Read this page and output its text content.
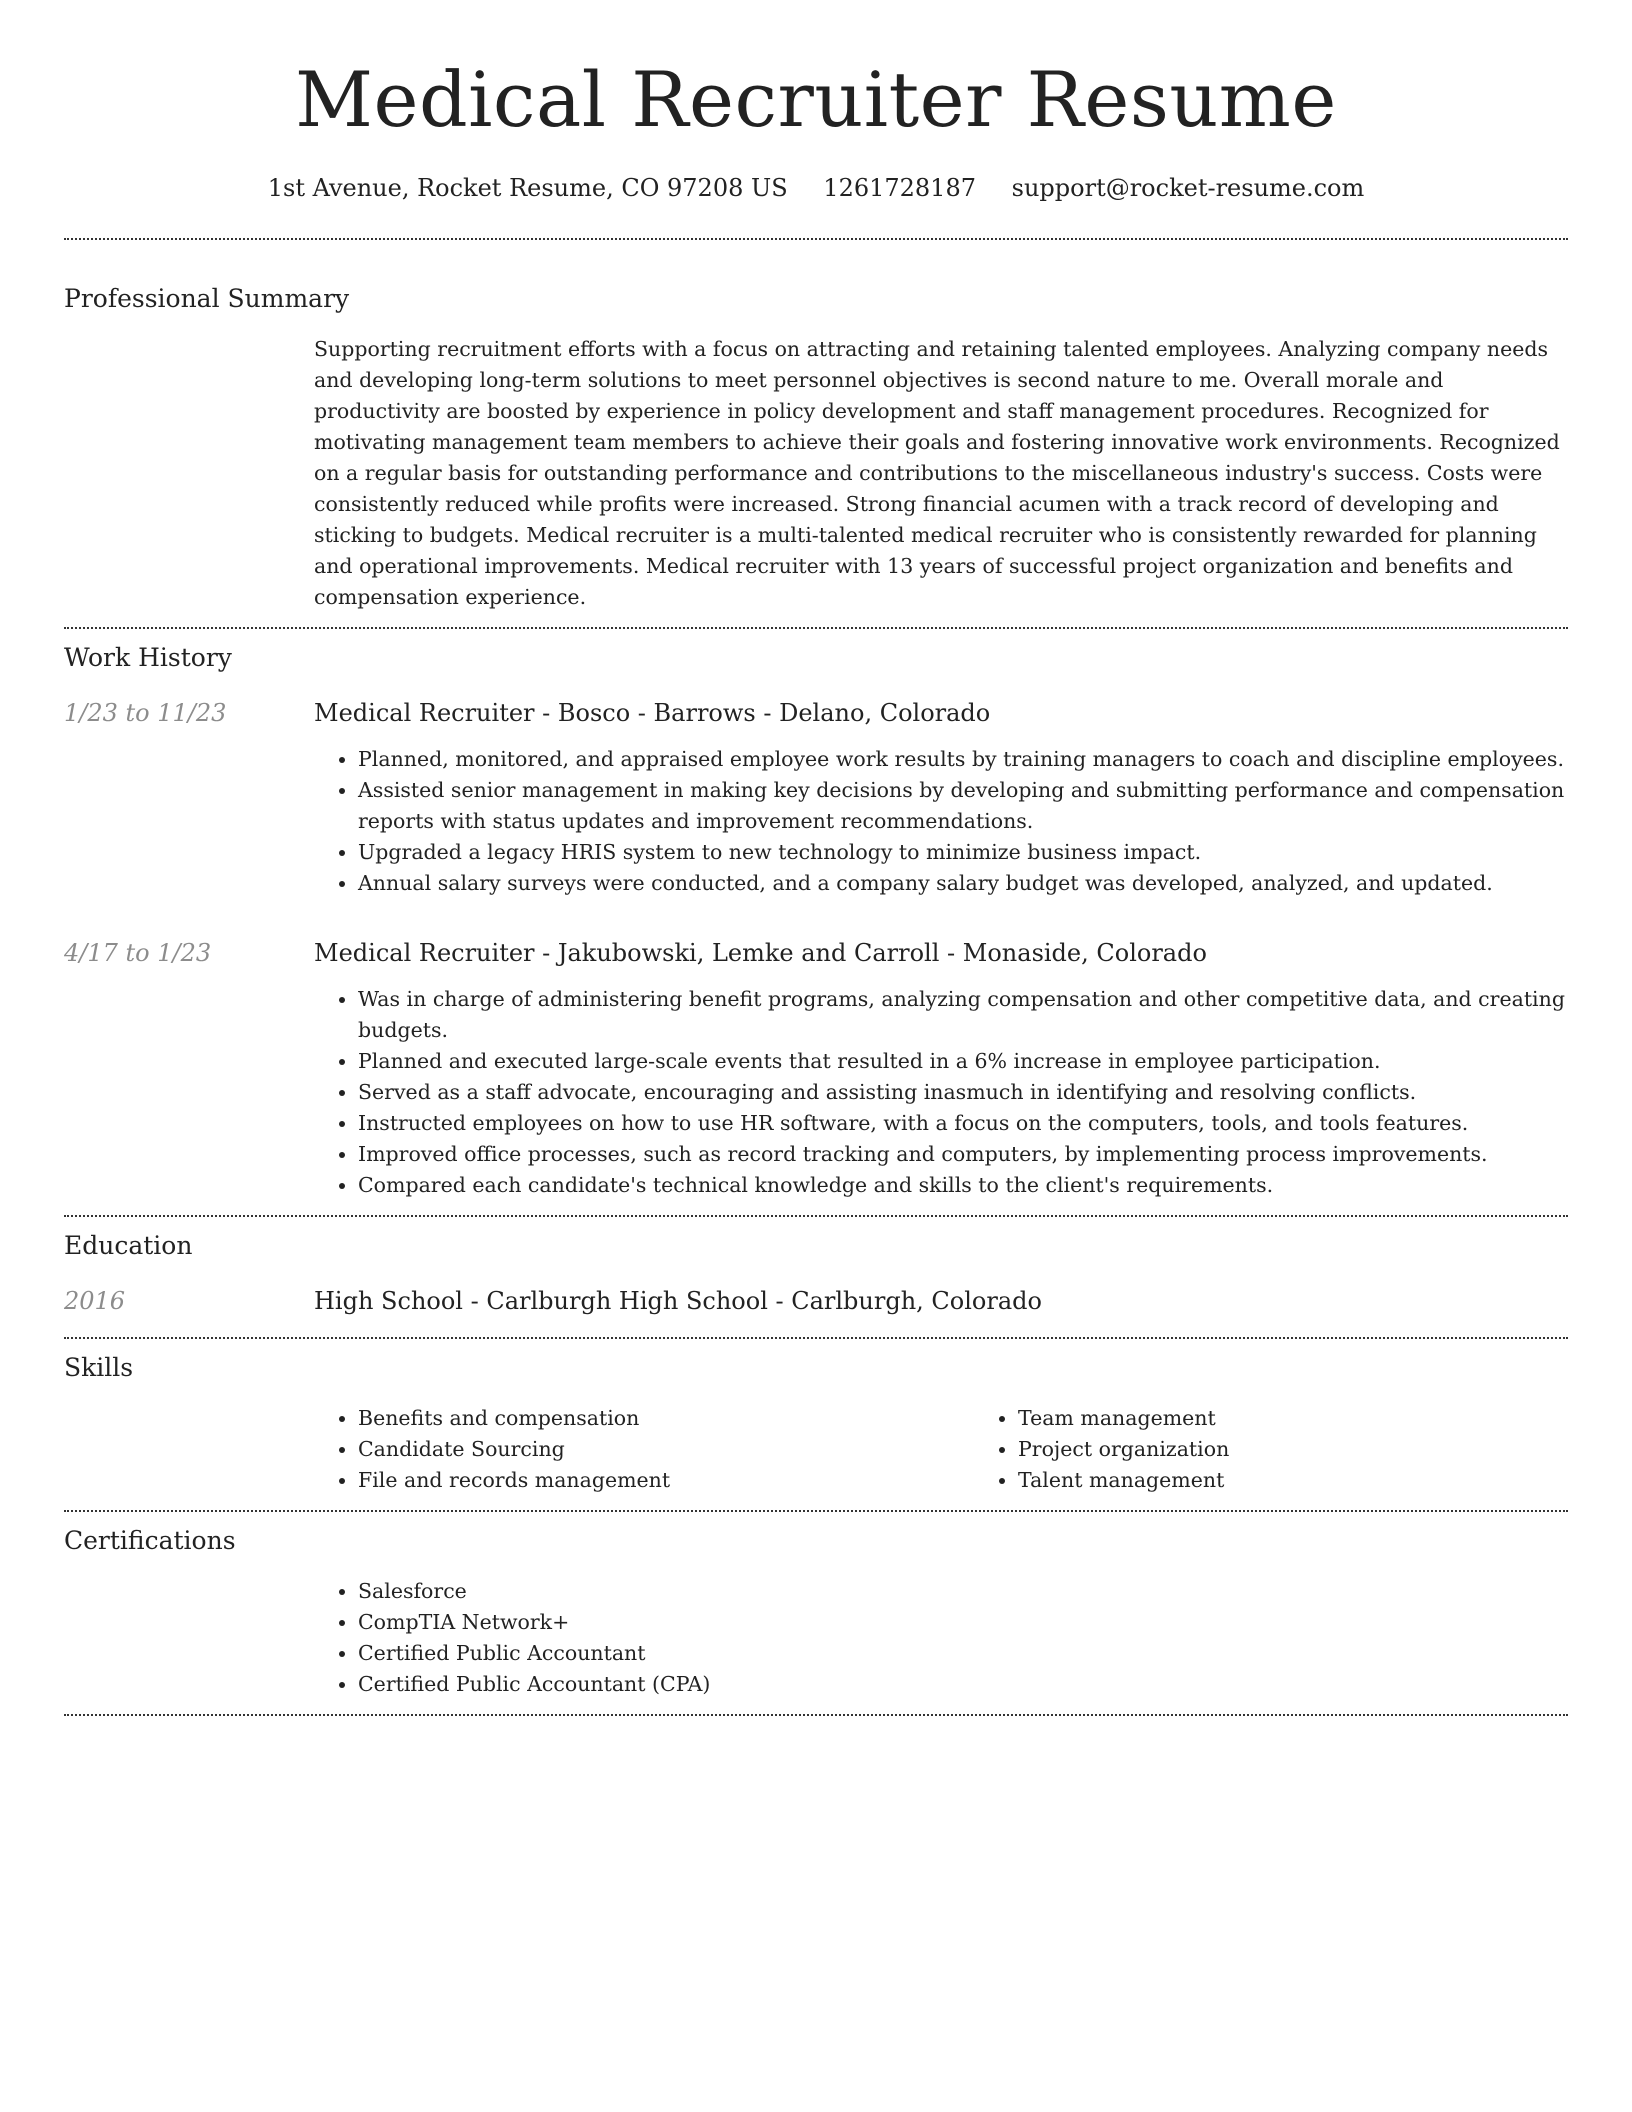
Medical Recruiter Resume
1st Avenue, Rocket Resume, CO 97208 US 1261728187 support@rocket-resume.com
Professional Summary
Supporting recruitment efforts with a focus on attracting and retaining talented employees. Analyzing company needs and developing long-term solutions to meet personnel objectives is second nature to me. Overall morale and productivity are boosted by experience in policy development and staff management procedures. Recognized for motivating management team members to achieve their goals and fostering innovative work environments. Recognized on a regular basis for outstanding performance and contributions to the miscellaneous industry's success. Costs were consistently reduced while profits were increased. Strong financial acumen with a track record of developing and sticking to budgets. Medical recruiter is a multi-talented medical recruiter who is consistently rewarded for planning and operational improvements. Medical recruiter with 13 years of successful project organization and benefits and compensation experience.
Work History
1/23 to 11/23	Medical Recruiter - Bosco - Barrows - Delano, Colorado
• Planned, monitored, and appraised employee work results by training managers to coach and discipline employees.
• Assisted senior management in making key decisions by developing and submitting performance and compensation reports with status updates and improvement recommendations.
• Upgraded a legacy HRIS system to new technology to minimize business impact.
• Annual salary surveys were conducted, and a company salary budget was developed, analyzed, and updated.
4/17 to 1/23	Medical Recruiter - Jakubowski, Lemke and Carroll - Monaside, Colorado
• Was in charge of administering benefit programs, analyzing compensation and other competitive data, and creating budgets.
• Planned and executed large-scale events that resulted in a 6% increase in employee participation.
• Served as a staff advocate, encouraging and assisting inasmuch in identifying and resolving conflicts.
• Instructed employees on how to use HR software, with a focus on the computers, tools, and tools features.
• Improved office processes, such as record tracking and computers, by implementing process improvements.
• Compared each candidate's technical knowledge and skills to the client's requirements.
Education
2016	High School - Carlburgh High School - Carlburgh, Colorado
Skills
• Benefits and compensation
• Candidate Sourcing
• File and records management
• Team management
• Project organization
• Talent management
Certifications
• Salesforce
• CompTIA Network+
• Certified Public Accountant
• Certified Public Accountant (CPA)
